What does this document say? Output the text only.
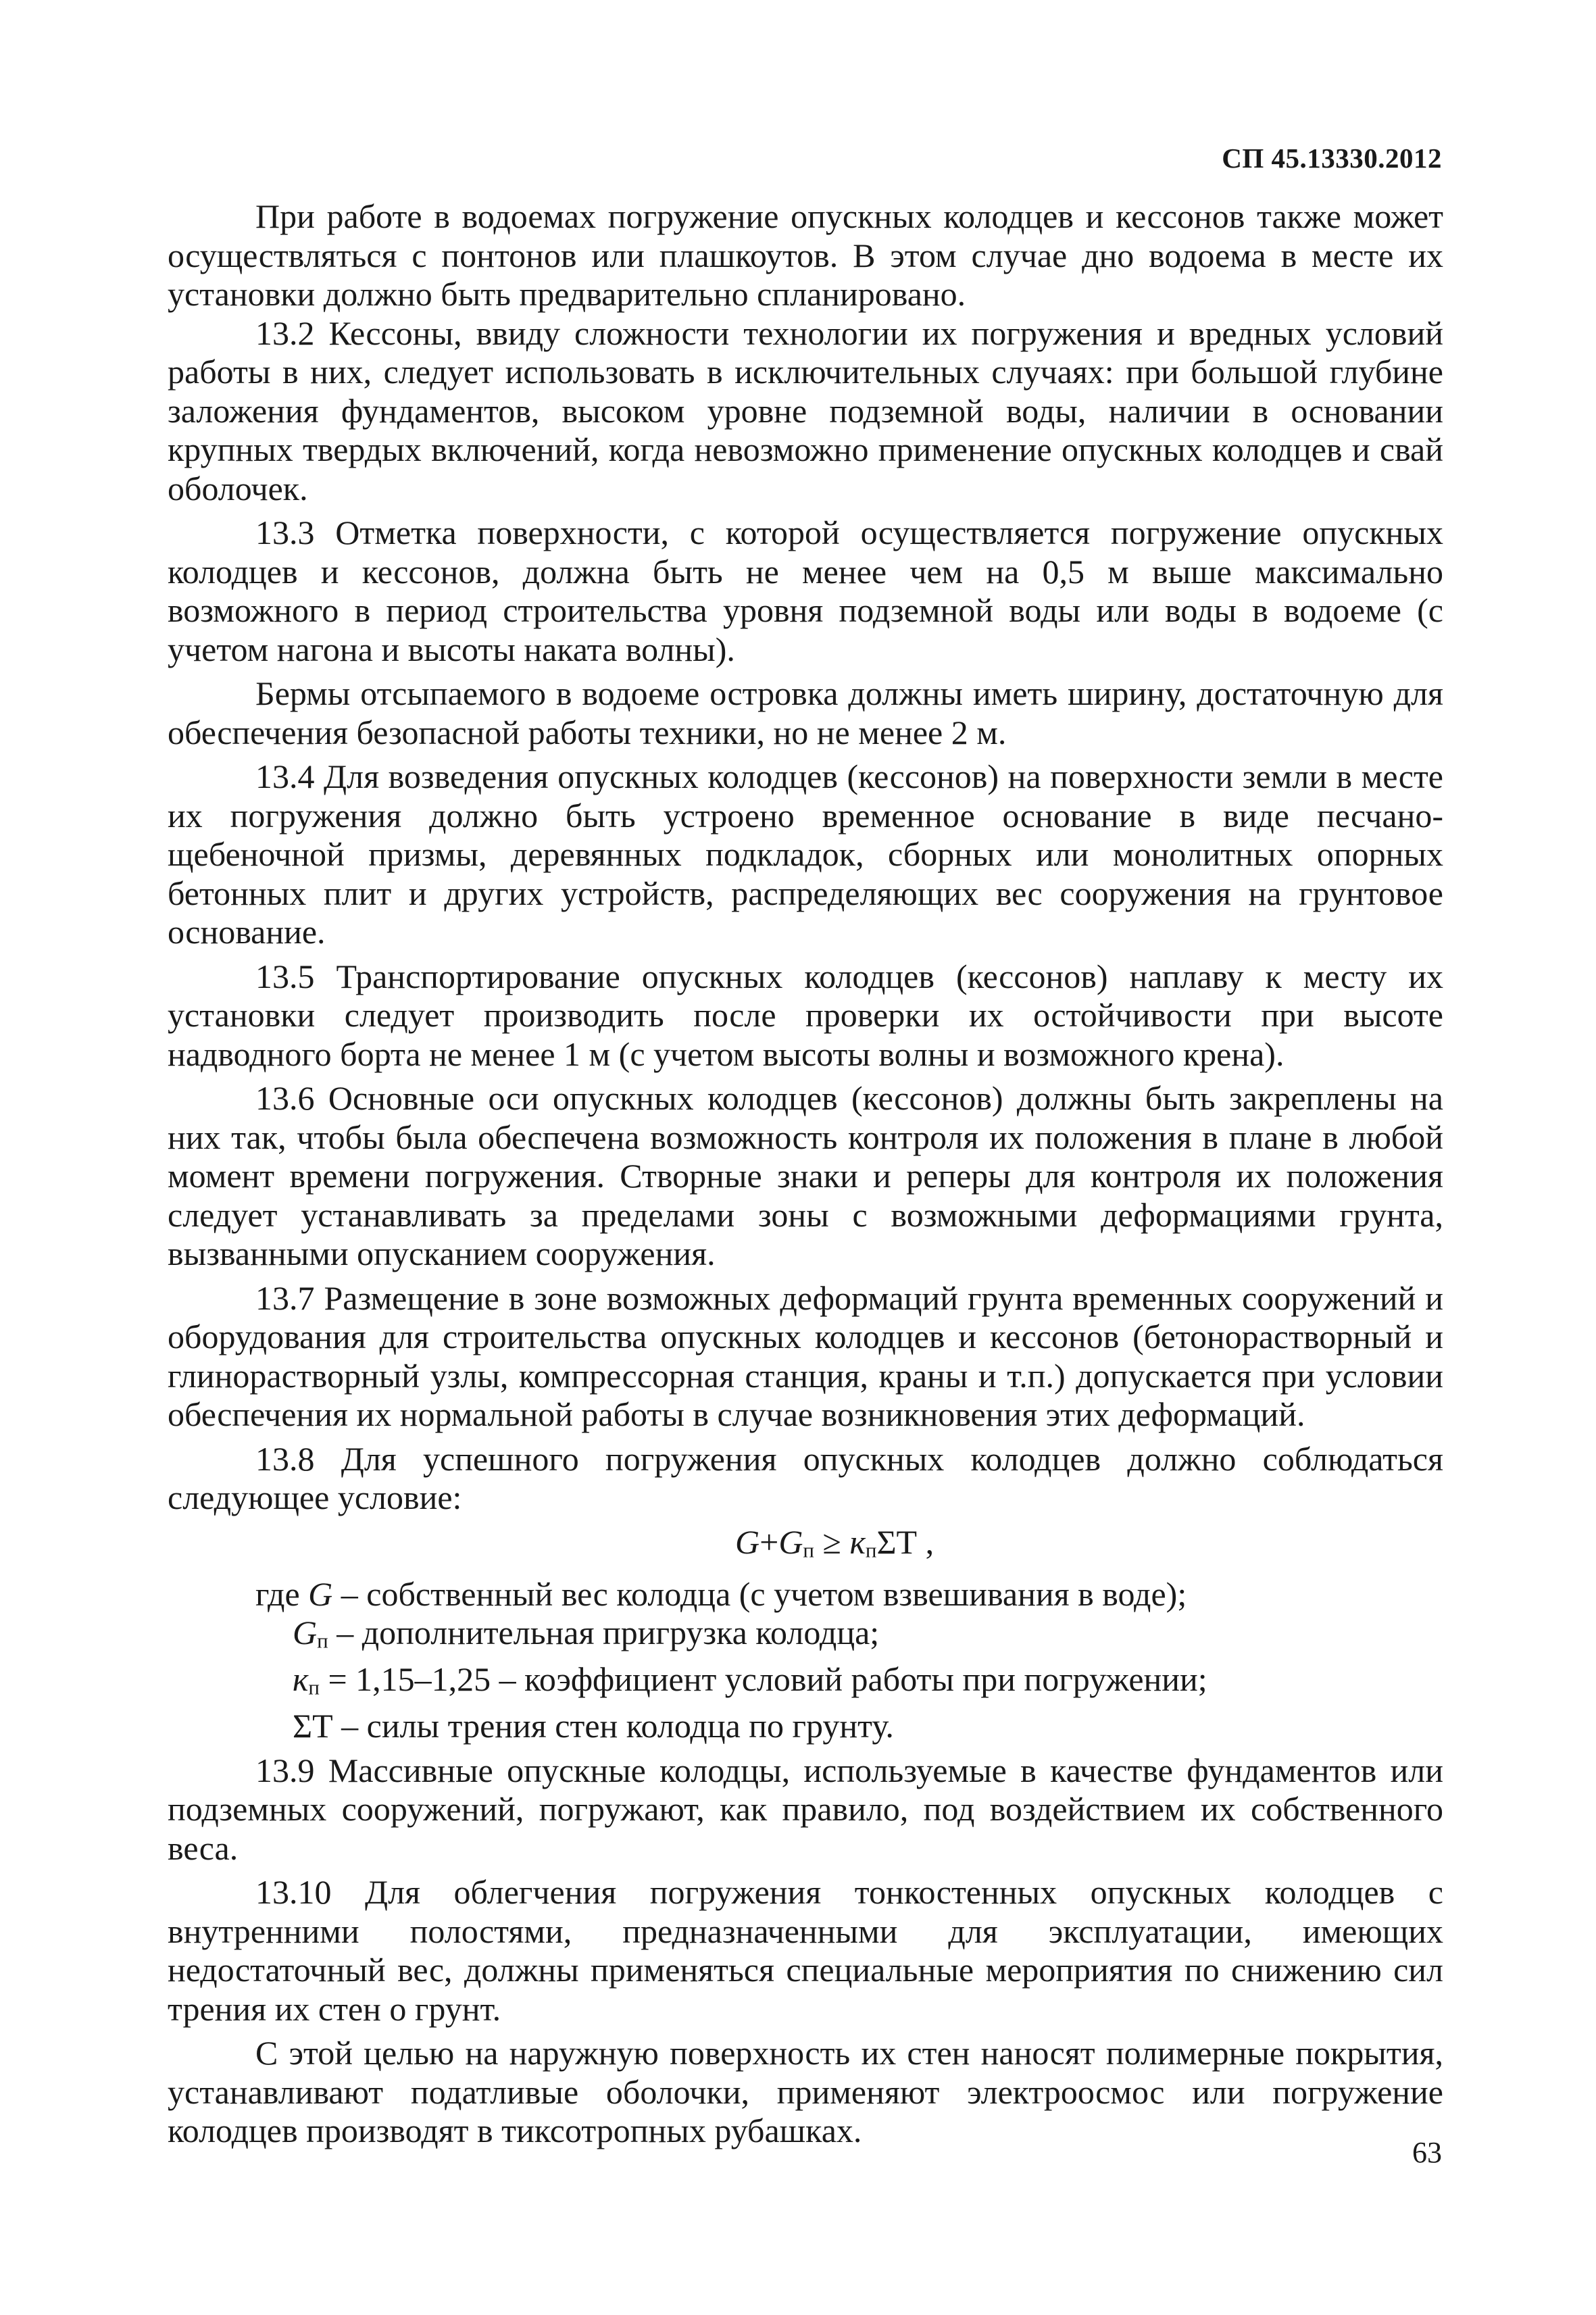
СП 45.13330.2012

При работе в водоемах погружение опускных колодцев и кессонов также может осуществляться с понтонов или плашкоутов. В этом случае дно водоема в месте их установки должно быть предварительно спланировано.

13.2 Кессоны, ввиду сложности технологии их погружения и вредных условий работы в них, следует использовать в исключительных случаях: при большой глубине заложения фундаментов, высоком уровне подземной воды, наличии в основании крупных твердых включений, когда невозможно применение опускных колодцев и свай оболочек.

13.3 Отметка поверхности, с которой осуществляется погружение опускных колодцев и кессонов, должна быть не менее чем на 0,5 м выше максимально возможного в период строительства уровня подземной воды или воды в водоеме (с учетом нагона и высоты наката волны).

Бермы отсыпаемого в водоеме островка должны иметь ширину, достаточную для обеспечения безопасной работы техники, но не менее 2 м.

13.4 Для возведения опускных колодцев (кессонов) на поверхности земли в месте их погружения должно быть устроено временное основание в виде песчано-щебеночной призмы, деревянных подкладок, сборных или монолитных опорных бетонных плит и других устройств, распределяющих вес сооружения на грунтовое основание.

13.5 Транспортирование опускных колодцев (кессонов) наплаву к месту их установки следует производить после проверки их остойчивости при высоте надводного борта не менее 1 м (с учетом высоты волны и возможного крена).

13.6 Основные оси опускных колодцев (кессонов) должны быть закреплены на них так, чтобы была обеспечена возможность контроля их положения в плане в любой момент времени погружения. Створные знаки и реперы для контроля их положения следует устанавливать за пределами зоны с возможными деформациями грунта, вызванными опусканием сооружения.

13.7 Размещение в зоне возможных деформаций грунта временных сооружений и оборудования для строительства опускных колодцев и кессонов (бетонорастворный и глинорастворный узлы, компрессорная станция, краны и т.п.) допускается при условии обеспечения их нормальной работы в случае возникновения этих деформаций.

13.8 Для успешного погружения опускных колодцев должно соблюдаться следующее условие:

G+Gп ≥ кпΣТ ,

где G – собственный вес колодца (с учетом взвешивания в воде);

Gп – дополнительная пригрузка колодца;

кп = 1,15–1,25 – коэффициент условий работы при погружении;

ΣТ – силы трения стен колодца по грунту.

13.9 Массивные опускные колодцы, используемые в качестве фундаментов или подземных сооружений, погружают, как правило, под воздействием их собственного веса.

13.10 Для облегчения погружения тонкостенных опускных колодцев с внутренними полостями, предназначенными для эксплуатации, имеющих недостаточный вес, должны применяться специальные мероприятия по снижению сил трения их стен о грунт.

С этой целью на наружную поверхность их стен наносят полимерные покрытия, устанавливают податливые оболочки, применяют электроосмос или погружение колодцев производят в тиксотропных рубашках.

63
